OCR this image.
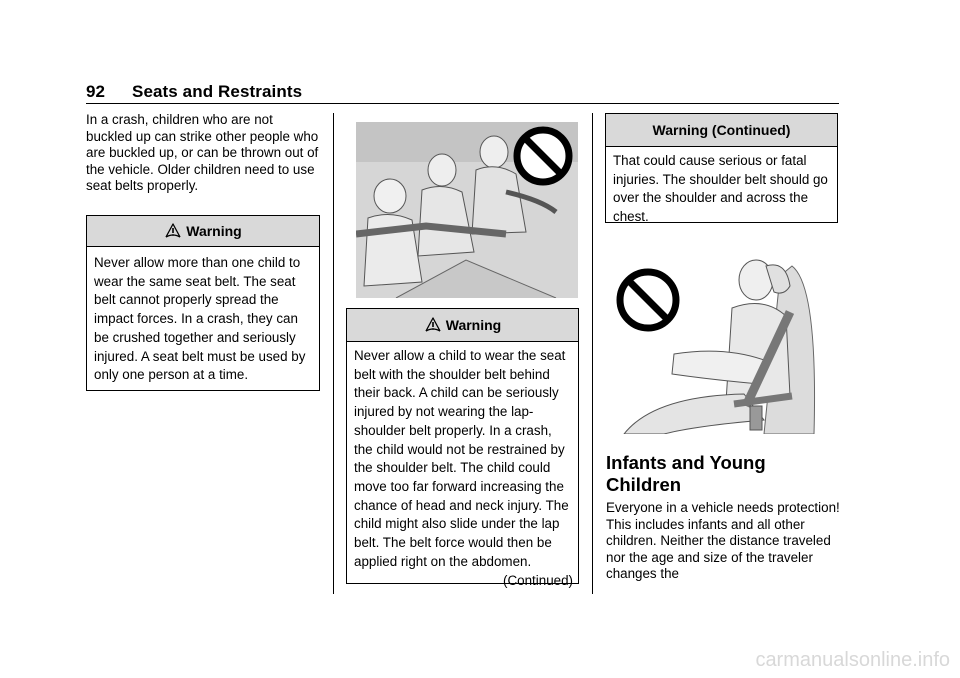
92 Seats and Restraints

In a crash, children who are not buckled up can strike other people who are buckled up, or can be thrown out of the vehicle. Older children need to use seat belts properly.

Warning

Never allow more than one child to wear the same seat belt. The seat belt cannot properly spread the impact forces. In a crash, they can be crushed together and seriously injured. A seat belt must be used by only one person at a time.

Warning

Never allow a child to wear the seat belt with the shoulder belt behind their back. A child can be seriously injured by not wearing the lap-shoulder belt properly. In a crash, the child would not be restrained by the shoulder belt. The child could move too far forward increasing the chance of head and neck injury. The child might also slide under the lap belt. The belt force would then be applied right on the abdomen.

(Continued)
Warning (Continued)

That could cause serious or fatal injuries. The shoulder belt should go over the shoulder and across the chest.

Infants and Young Children

Everyone in a vehicle needs protection! This includes infants and all other children. Neither the distance traveled nor the age and size of the traveler changes the

carmanualsonline.info
